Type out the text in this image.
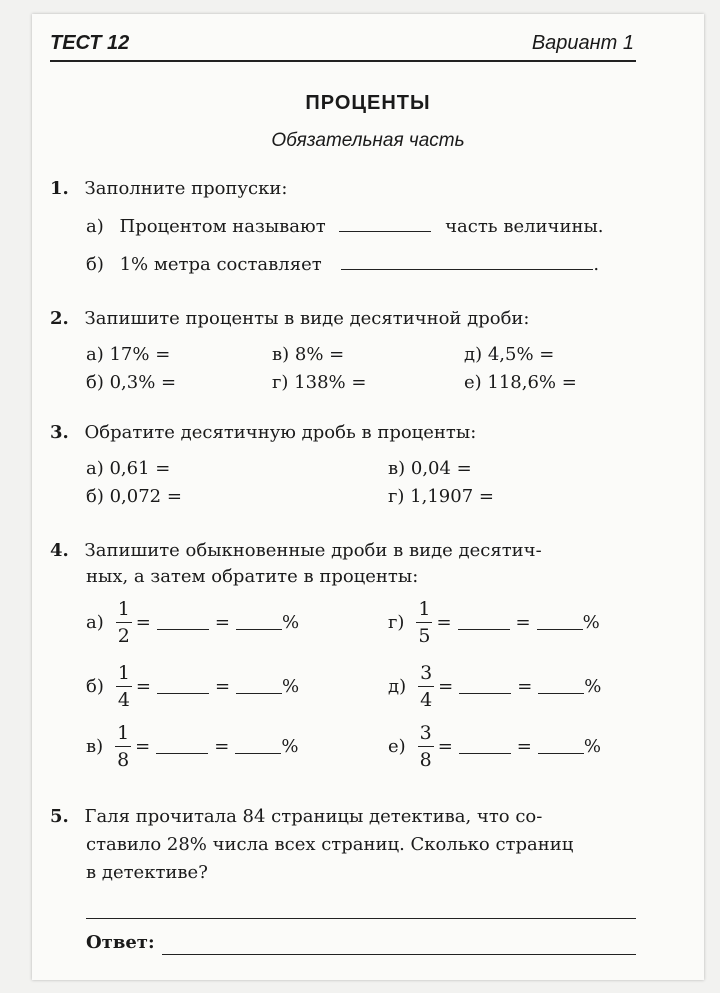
ТЕСТ 12	Вариант 1
ПРОЦЕНТЫ
Обязательная часть
1. Заполните пропуски:
а) Процентом называют	часть величины.
б) 1% метра составляет	.
2. Запишите проценты в виде десятичной дроби:
а) 17% =	в) 8% =	д) 4,5% =
б) 0,3% =	г) 138% =	е) 118,6% =
3. Обратите десятичную дробь в проценты:
а) 0,61 =	в) 0,04 =
б) 0,072 =	г) 1,1907 =
4. Запишите обыкновенные дроби в виде десятич-
ных, а затем обратите в проценты:
$а) \frac{1}{2}$ =	=	%	$г) \frac{1}{5}$ =	=	%
$б) \frac{1}{4}$ =	=	%	$д) \frac{3}{4}$ =	=	%
$в) \frac{1}{8}$ =	=	%	$е) \frac{3}{8}$ =	=	%
5. Галя прочитала 84 страницы детектива, что со-
ставило 28% числа всех страниц. Сколько страниц
в детективе?
Ответ:
